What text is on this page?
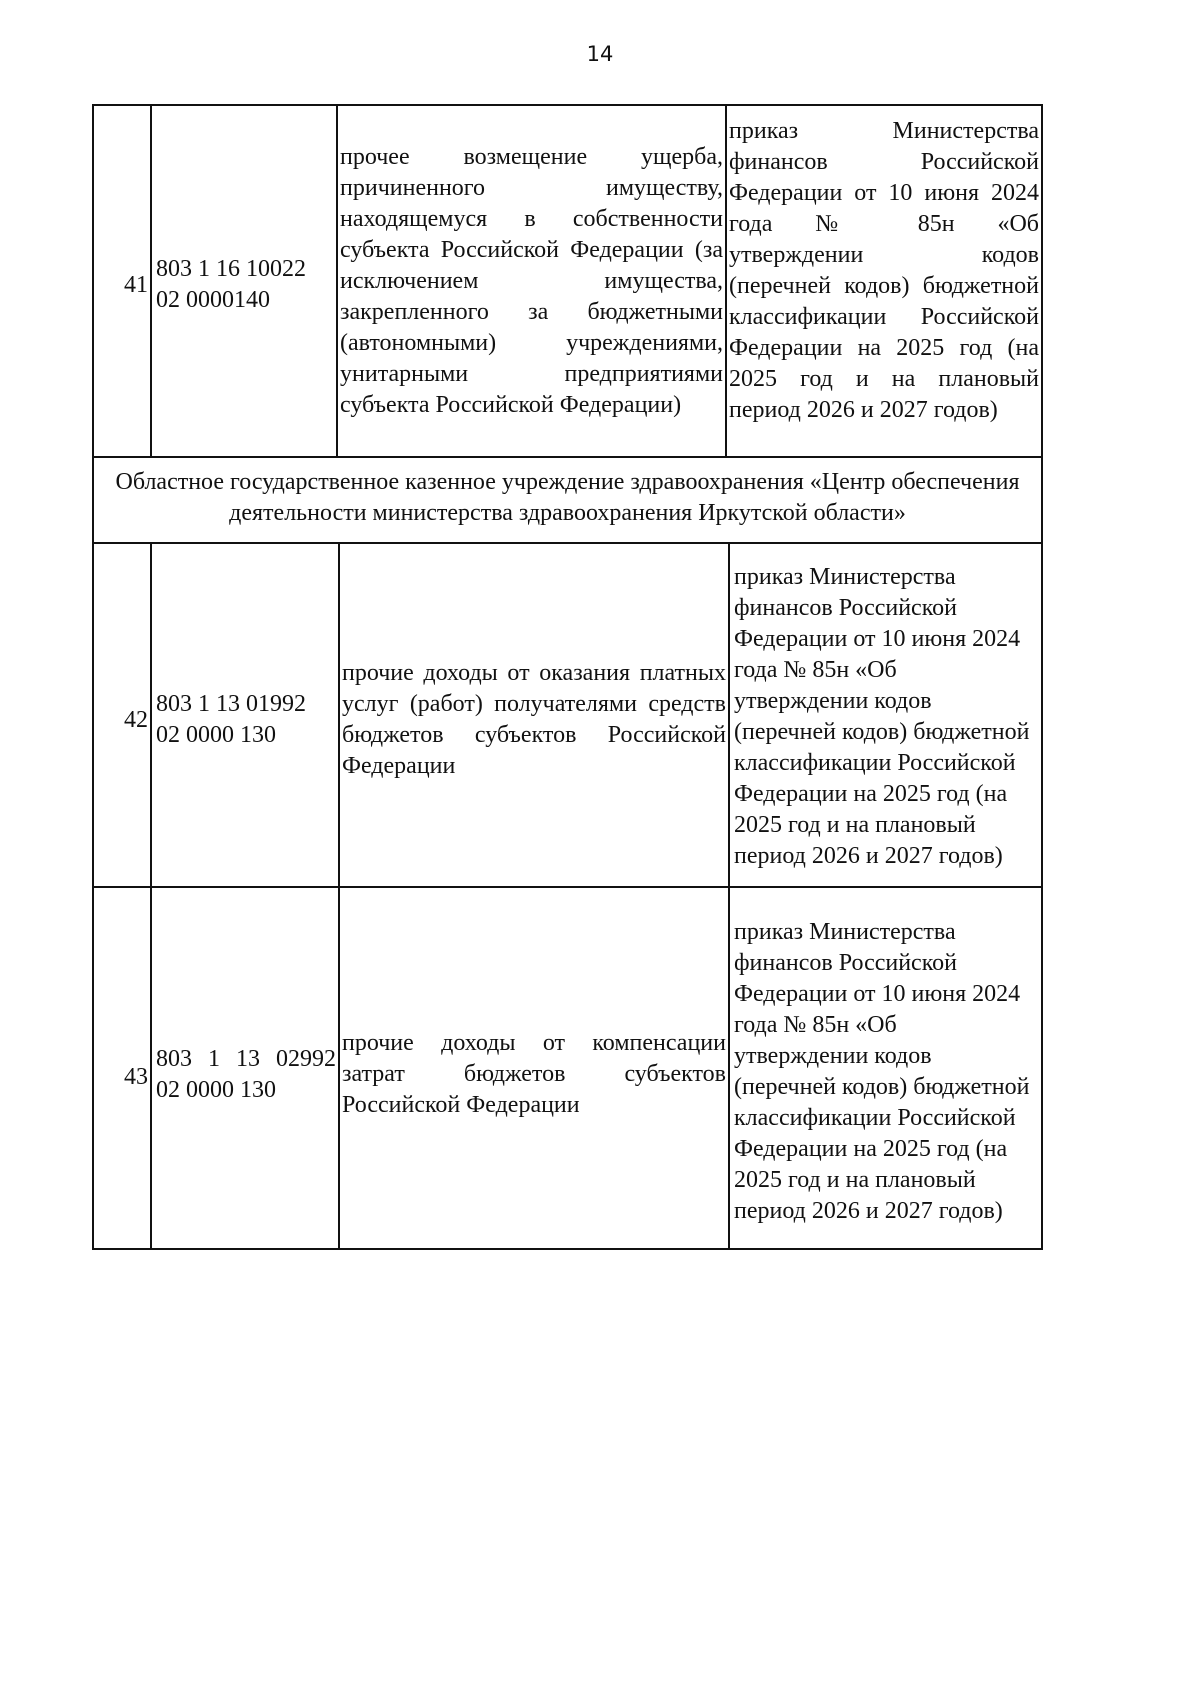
14
41
803 1 16 10022
02 0000140
прочее возмещение ущерба,
причиненного имуществу,
находящемуся в собственности
субъекта Российской Федерации (за
исключением имущества,
закрепленного за бюджетными
(автономными) учреждениями,
унитарными предприятиями
субъекта Российской Федерации)
приказ Министерства
финансов Российской
Федерации от 10 июня 2024
года № 85н «Об
утверждении кодов
(перечней кодов) бюджетной
классификации Российской
Федерации на 2025 год (на
2025 год и на плановый
период 2026 и 2027 годов)
Областное государственное казенное учреждение здравоохранения «Центр обеспечения
деятельности министерства здравоохранения Иркутской области»
42
803 1 13 01992
02 0000 130
прочие доходы от оказания платных
услуг (работ) получателями средств
бюджетов субъектов Российской
Федерации
приказ Министерства
финансов Российской
Федерации от 10 июня 2024
года № 85н «Об
утверждении кодов
(перечней кодов) бюджетной
классификации Российской
Федерации на 2025 год (на
2025 год и на плановый
период 2026 и 2027 годов)
43
803 1 13 02992
02 0000 130
прочие доходы от компенсации
затрат бюджетов субъектов
Российской Федерации
приказ Министерства
финансов Российской
Федерации от 10 июня 2024
года № 85н «Об
утверждении кодов
(перечней кодов) бюджетной
классификации Российской
Федерации на 2025 год (на
2025 год и на плановый
период 2026 и 2027 годов)
